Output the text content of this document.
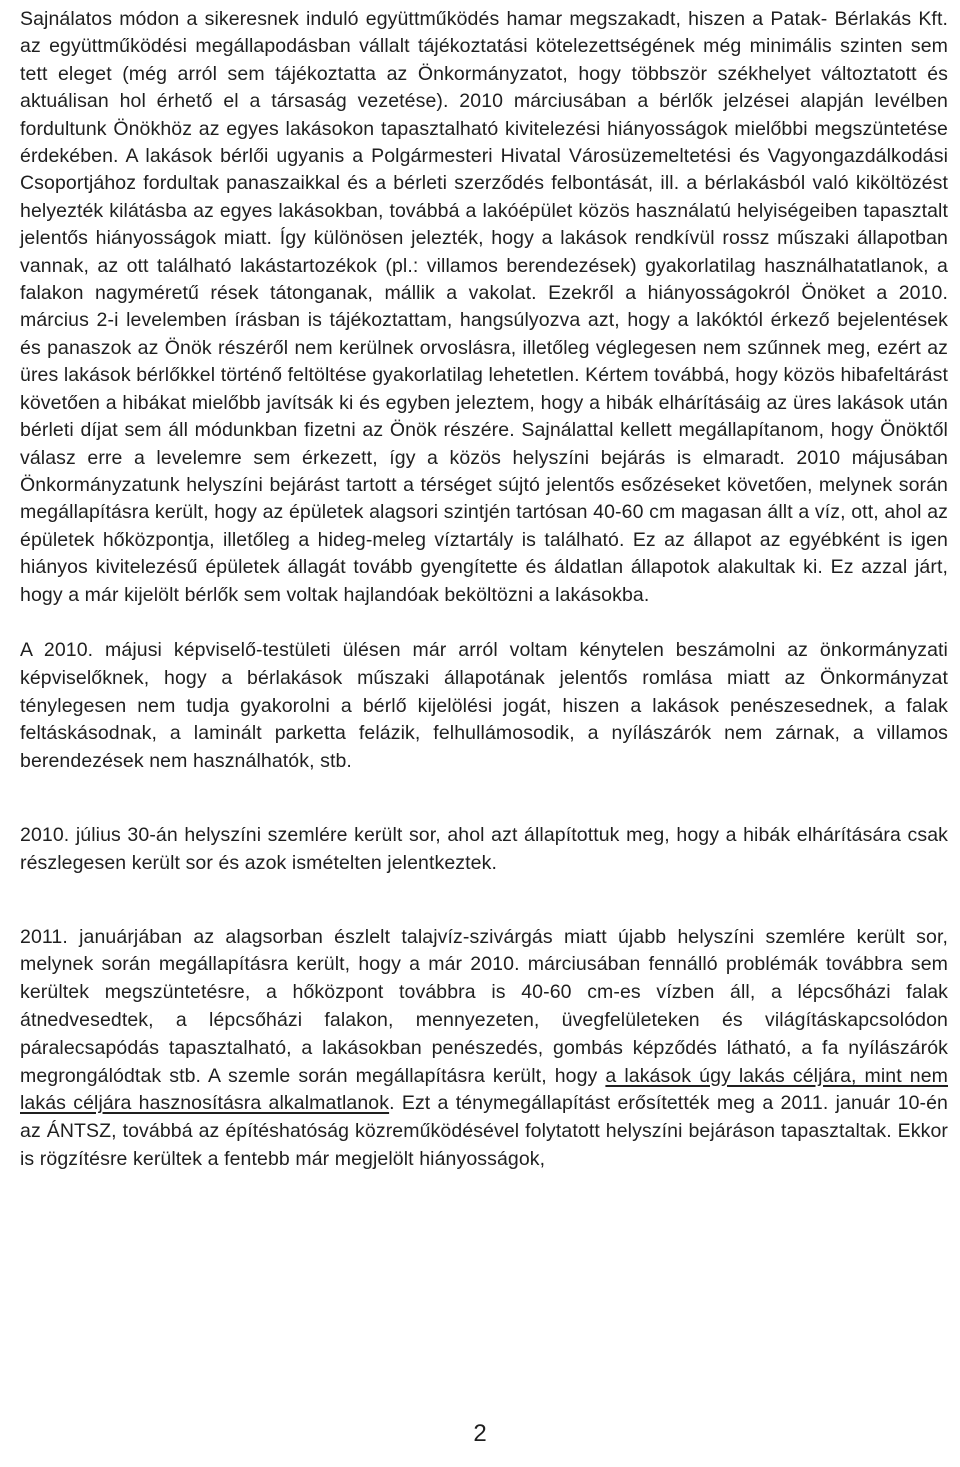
Sajnálatos módon a sikeresnek induló együttműködés hamar megszakadt, hiszen a Patak- Bérlakás Kft. az együttműködési megállapodásban vállalt tájékoztatási kötelezettségének még minimális szinten sem tett eleget (még arról sem tájékoztatta az Önkormányzatot, hogy többször székhelyet változtatott és aktuálisan hol érhető el a társaság vezetése). 2010 márciusában a bérlők jelzései alapján levélben fordultunk Önökhöz az egyes lakásokon tapasztalható kivitelezési hiányosságok mielőbbi megszüntetése érdekében. A lakások bérlői ugyanis a Polgármesteri Hivatal Városüzemeltetési és Vagyongazdálkodási Csoportjához fordultak panaszaikkal és a bérleti szerződés felbontását, ill. a bérlakásból való kiköltözést helyezték kilátásba az egyes lakásokban, továbbá a lakóépület közös használatú helyiségeiben tapasztalt jelentős hiányosságok miatt. Így különösen jelezték, hogy a lakások rendkívül rossz műszaki állapotban vannak, az ott található lakástartozékok (pl.: villamos berendezések) gyakorlatilag használhatatlanok, a falakon nagyméretű rések tátonganak, mállik a vakolat. Ezekről a hiányosságokról Önöket a 2010. március 2-i levelemben írásban is tájékoztattam, hangsúlyozva azt, hogy a lakóktól érkező bejelentések és panaszok az Önök részéről nem kerülnek orvoslásra, illetőleg véglegesen nem szűnnek meg, ezért az üres lakások bérlőkkel történő feltöltése gyakorlatilag lehetetlen. Kértem továbbá, hogy közös hibafeltárást követően a hibákat mielőbb javítsák ki és egyben jeleztem, hogy a hibák elhárításáig az üres lakások után bérleti díjat sem áll módunkban fizetni az Önök részére. Sajnálattal kellett megállapítanom, hogy Önöktől válasz erre a levelemre sem érkezett, így a közös helyszíni bejárás is elmaradt. 2010 májusában Önkormányzatunk helyszíni bejárást tartott a térséget sújtó jelentős esőzéseket követően, melynek során megállapításra került, hogy az épületek alagsori szintjén tartósan 40-60 cm magasan állt a víz, ott, ahol az épületek hőközpontja, illetőleg a hideg-meleg víztartály is található. Ez az állapot az egyébként is igen hiányos kivitelezésű épületek állagát tovább gyengítette és áldatlan állapotok alakultak ki. Ez azzal járt, hogy a már kijelölt bérlők sem voltak hajlandóak beköltözni a lakásokba.

A 2010. májusi képviselő-testületi ülésen már arról voltam kénytelen beszámolni az önkormányzati képviselőknek, hogy a bérlakások műszaki állapotának jelentős romlása miatt az Önkormányzat ténylegesen nem tudja gyakorolni a bérlő kijelölési jogát, hiszen a lakások penészesednek, a falak feltáskásodnak, a laminált parketta felázik, felhullámosodik, a nyílászárók nem zárnak, a villamos berendezések nem használhatók, stb.

2010. július 30-án helyszíni szemlére került sor, ahol azt állapítottuk meg, hogy a hibák elhárítására csak részlegesen került sor és azok ismételten jelentkeztek.

2011. januárjában az alagsorban észlelt talajvíz-szivárgás miatt újabb helyszíni szemlére került sor, melynek során megállapításra került, hogy a már 2010. márciusában fennálló problémák továbbra sem kerültek megszüntetésre, a hőközpont továbbra is 40-60 cm-es vízben áll, a lépcsőházi falak átnedvesedtek, a lépcsőházi falakon, mennyezeten, üvegfelületeken és világításkapcsolódon páralecsapódás tapasztalható, a lakásokban penészedés, gombás képződés látható, a fa nyílászárók megrongálódtak stb. A szemle során megállapításra került, hogy a lakások úgy lakás céljára, mint nem lakás céljára hasznosításra alkalmatlanok. Ezt a ténymegállapítást erősítették meg a 2011. január 10-én az ÁNTSZ, továbbá az építéshatóság közreműködésével folytatott helyszíni bejáráson tapasztaltak. Ekkor is rögzítésre kerültek a fentebb már megjelölt hiányosságok,

2
